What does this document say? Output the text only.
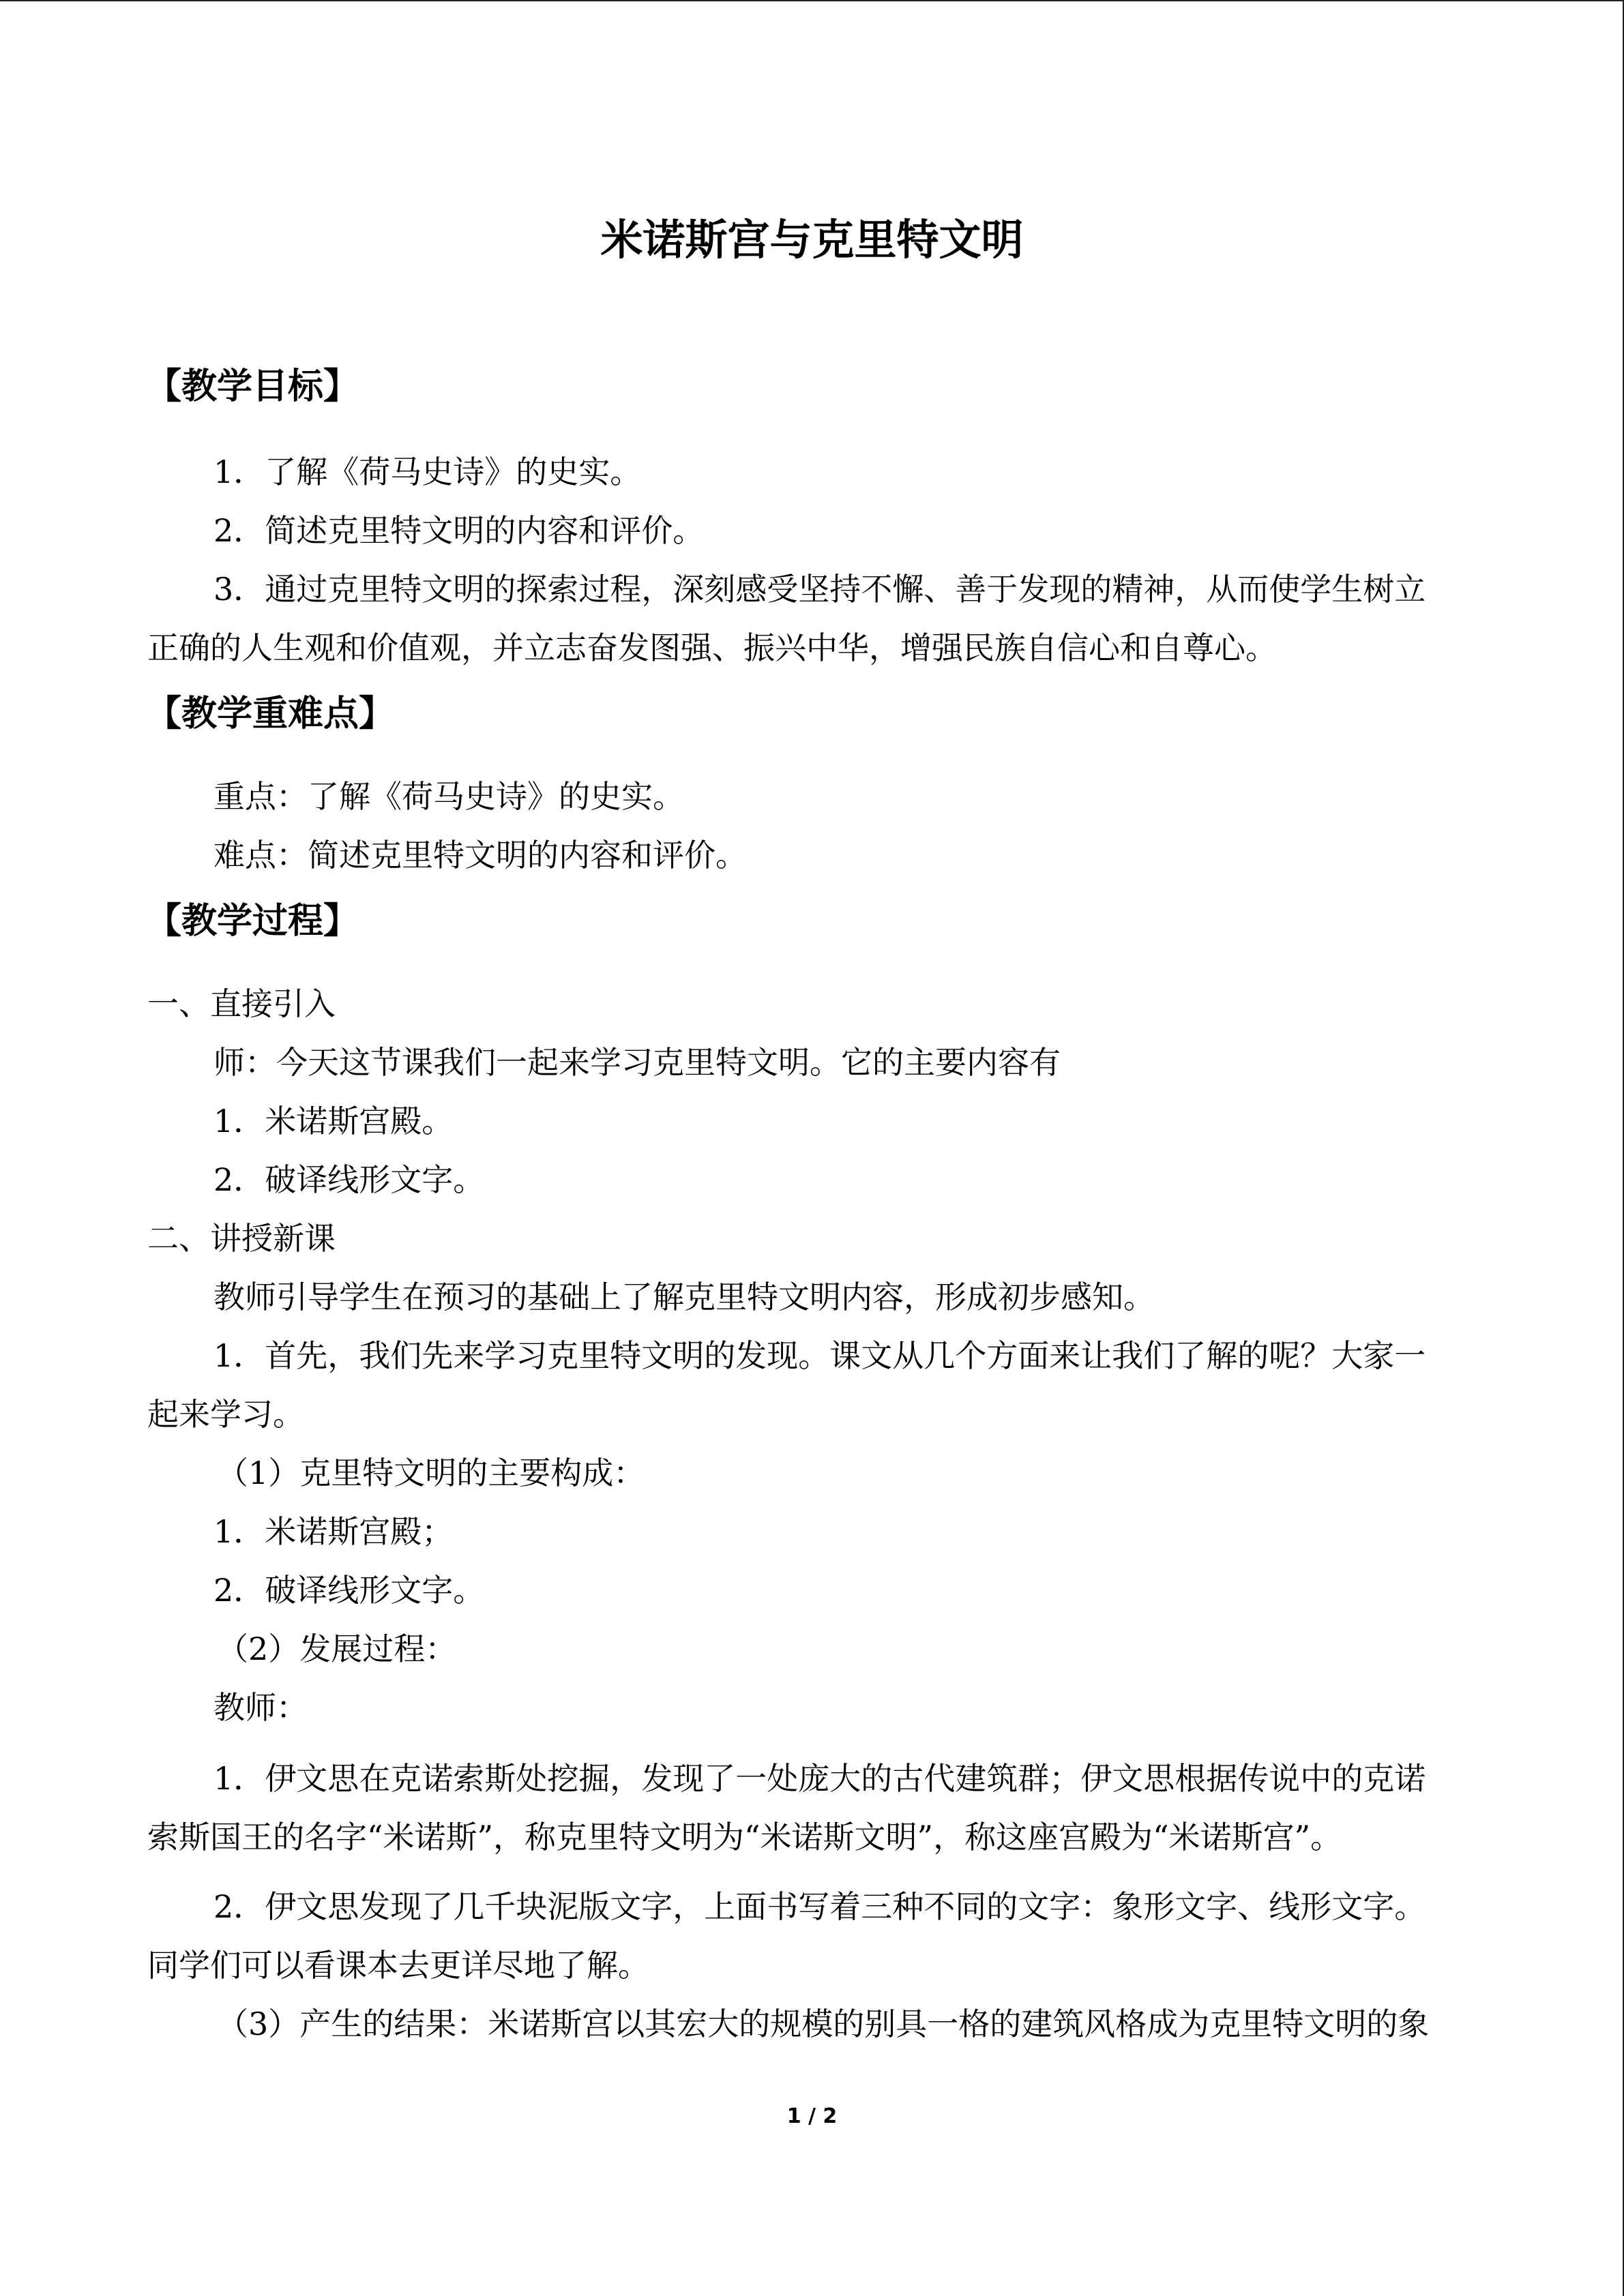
米诺斯宫与克里特文明
【教学目标】
1．了解《荷马史诗》的史实。
2．简述克里特文明的内容和评价。
3．通过克里特文明的探索过程，深刻感受坚持不懈、善于发现的精神，从而使学生树立
正确的人生观和价值观，并立志奋发图强、振兴中华，增强民族自信心和自尊心。
【教学重难点】
重点：了解《荷马史诗》的史实。
难点：简述克里特文明的内容和评价。
【教学过程】
一、直接引入
师：今天这节课我们一起来学习克里特文明。它的主要内容有
1．米诺斯宫殿。
2．破译线形文字。
二、讲授新课
教师引导学生在预习的基础上了解克里特文明内容，形成初步感知。
1．首先，我们先来学习克里特文明的发现。课文从几个方面来让我们了解的呢？大家一
起来学习。
（1）克里特文明的主要构成：
1．米诺斯宫殿；
2．破译线形文字。
（2）发展过程：
教师：
1．伊文思在克诺索斯处挖掘，发现了一处庞大的古代建筑群；伊文思根据传说中的克诺
索斯国王的名字“米诺斯”，称克里特文明为“米诺斯文明”，称这座宫殿为“米诺斯宫”。
2．伊文思发现了几千块泥版文字，上面书写着三种不同的文字：象形文字、线形文字。
同学们可以看课本去更详尽地了解。
（3）产生的结果：米诺斯宫以其宏大的规模的别具一格的建筑风格成为克里特文明的象
1 / 2
